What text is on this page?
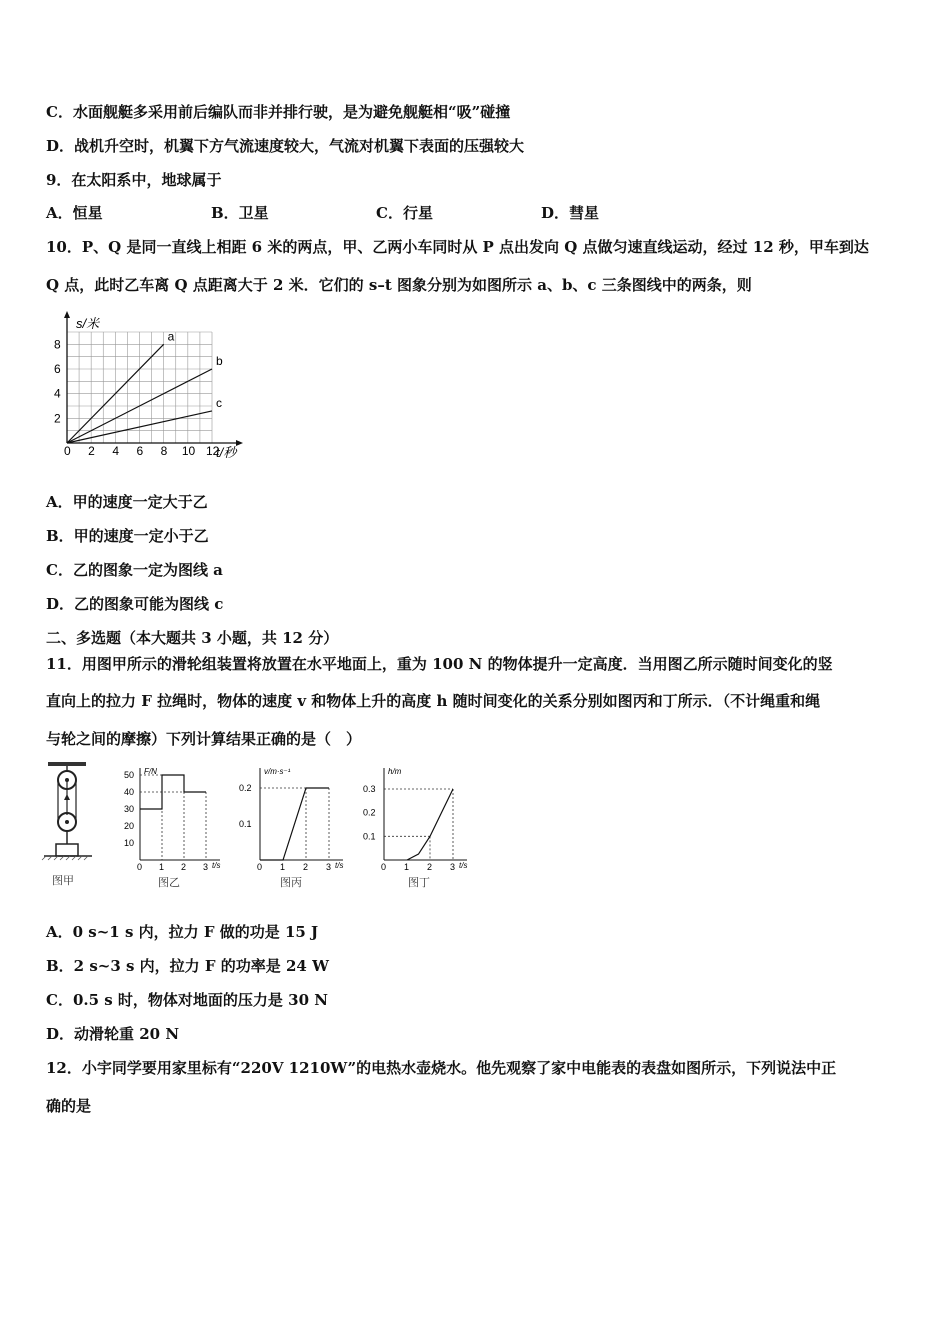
C．水面舰艇多采用前后编队而非并排行驶，是为避免舰艇相“吸”碰撞
D．战机升空时，机翼下方气流速度较大，气流对机翼下表面的压强较大
9．在太阳系中，地球属于
A．恒星	B．卫星	C．行星	D．彗星
10．P、Q 是同一直线上相距 6 米的两点，甲、乙两小车同时从 P 点出发向 Q 点做匀速直线运动，经过 12 秒，甲车到达
Q 点，此时乙车离 Q 点距离大于 2 米．它们的 s–t 图象分别为如图所示 a、b、c 三条图线中的两条，则
a
b
c
0 2 4 6 8 10 12
2
4
6
8
s/米
t/秒
A．甲的速度一定大于乙
B．甲的速度一定小于乙
C．乙的图象一定为图线 a
D．乙的图象可能为图线 c
二、多选题（本大题共 3 小题，共 12 分）
11．用图甲所示的滑轮组装置将放置在水平地面上，重为 100 N 的物体提升一定高度．当用图乙所示随时间变化的竖
直向上的拉力 F 拉绳时，物体的速度 v 和物体上升的高度 h 随时间变化的关系分别如图丙和丁所示．（不计绳重和绳
与轮之间的摩擦）下列计算结果正确的是（　）
图甲	图乙
F/N
t/s
0 1 2 3
10
20
30
40
50
图丙
v/m·s⁻¹
t/s
0 1 2 3
0.1
0.2
图丁
h/m
t/s
0 1 2 3
0.1
0.2
0.3
A．0 s~1 s 内，拉力 F 做的功是 15 J
B．2 s~3 s 内，拉力 F 的功率是 24 W
C．0.5 s 时，物体对地面的压力是 30 N
D．动滑轮重 20 N
12．小宇同学要用家里标有“220V 1210W”的电热水壶烧水。他先观察了家中电能表的表盘如图所示，下列说法中正
确的是
